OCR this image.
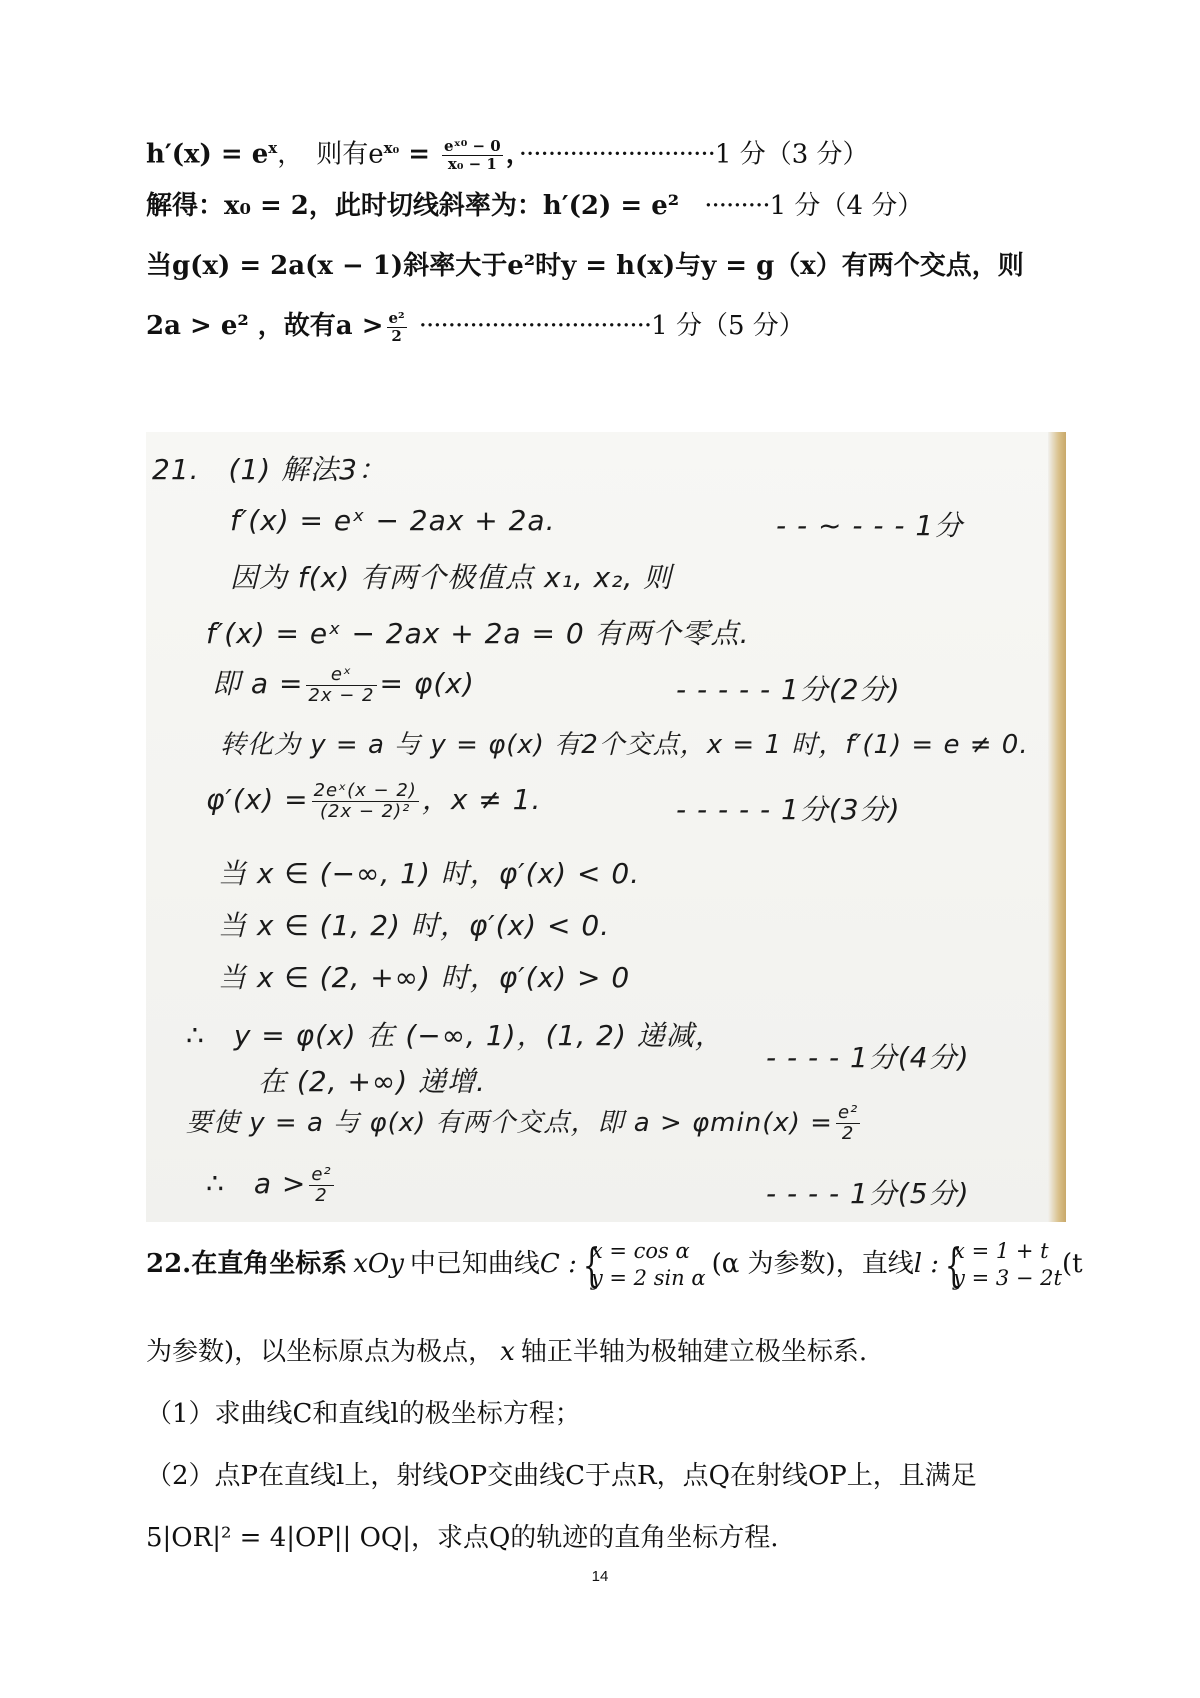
$h'(x) = e^x$，　则有$e^{x_0} = \frac{\text{eˣ⁰ − 0}}{\text{x₀ − 1}}$ ，···························1 分（3 分）
解得：x₀ = 2，此时切线斜率为：h′(2) = e² ·········1 分（4 分）
当g(x) = 2a(x − 1)斜率大于e²时y = h(x)与y = g（x）有两个交点，则
2a > e² ，故有$a > \frac{\text{e²}}{2} \cdot\cdot\cdot\cdot\cdot\cdot\cdot\cdot\cdot\cdot\cdot\cdot\cdot\cdot\cdot\cdot\cdot\cdot\cdot\cdot\cdot\cdot\cdot\cdot\cdot\cdot\cdot\cdot\cdot\cdot\cdot\cdot 1$ 分（5 分）
21.　(1) 解法3：
f′(x) = eˣ − 2ax + 2a.	- - ~ - - - 1分
因为 f(x) 有两个极值点 x₁, x₂, 则
f′(x) = eˣ − 2ax + 2a = 0 有两个零点.
即 $a = \frac{\text{eˣ}}{2x - 2} = \varphi(x)$	- - - - - 1分(2分)
转化为 y = a 与 y = φ(x) 有2个交点，x = 1 时，f′(1) = e ≠ 0.
$\varphi'(x) = \frac{\text{2eˣ(x − 2)}}{\text{(2x − 2)²}}$ ，x ≠ 1.	- - - - - 1分(3分)
当 x ∈ (−∞, 1) 时，φ′(x) < 0.
当 x ∈ (1, 2) 时，φ′(x) < 0.
当 x ∈ (2, +∞) 时，φ′(x) > 0
∴　y = φ(x) 在 (−∞, 1)，(1, 2) 递减，
- - - - 1分(4分)
在 (2, +∞) 递增.
要使 y = a 与 φ(x) 有两个交点，即 $a > \varphi\min(x) = \frac{\text{e²}}{2}$
∴　$a > \frac{\text{e²}}{2}$	- - - - 1分(5分)
22.在直角坐标系 xOy 中已知曲线C : {
x = cos α
y = 2 sin α (α 为参数)，直线l : {
x = 1 + t
y = 3 − 2t (t
为参数)，以坐标原点为极点， x 轴正半轴为极轴建立极坐标系.
（1）求曲线C和直线l的极坐标方程；
（2）点P在直线l上，射线OP交曲线C于点R，点Q在射线OP上，且满足
5|OR|² = 4|OP|| OQ|，求点Q的轨迹的直角坐标方程.
14
